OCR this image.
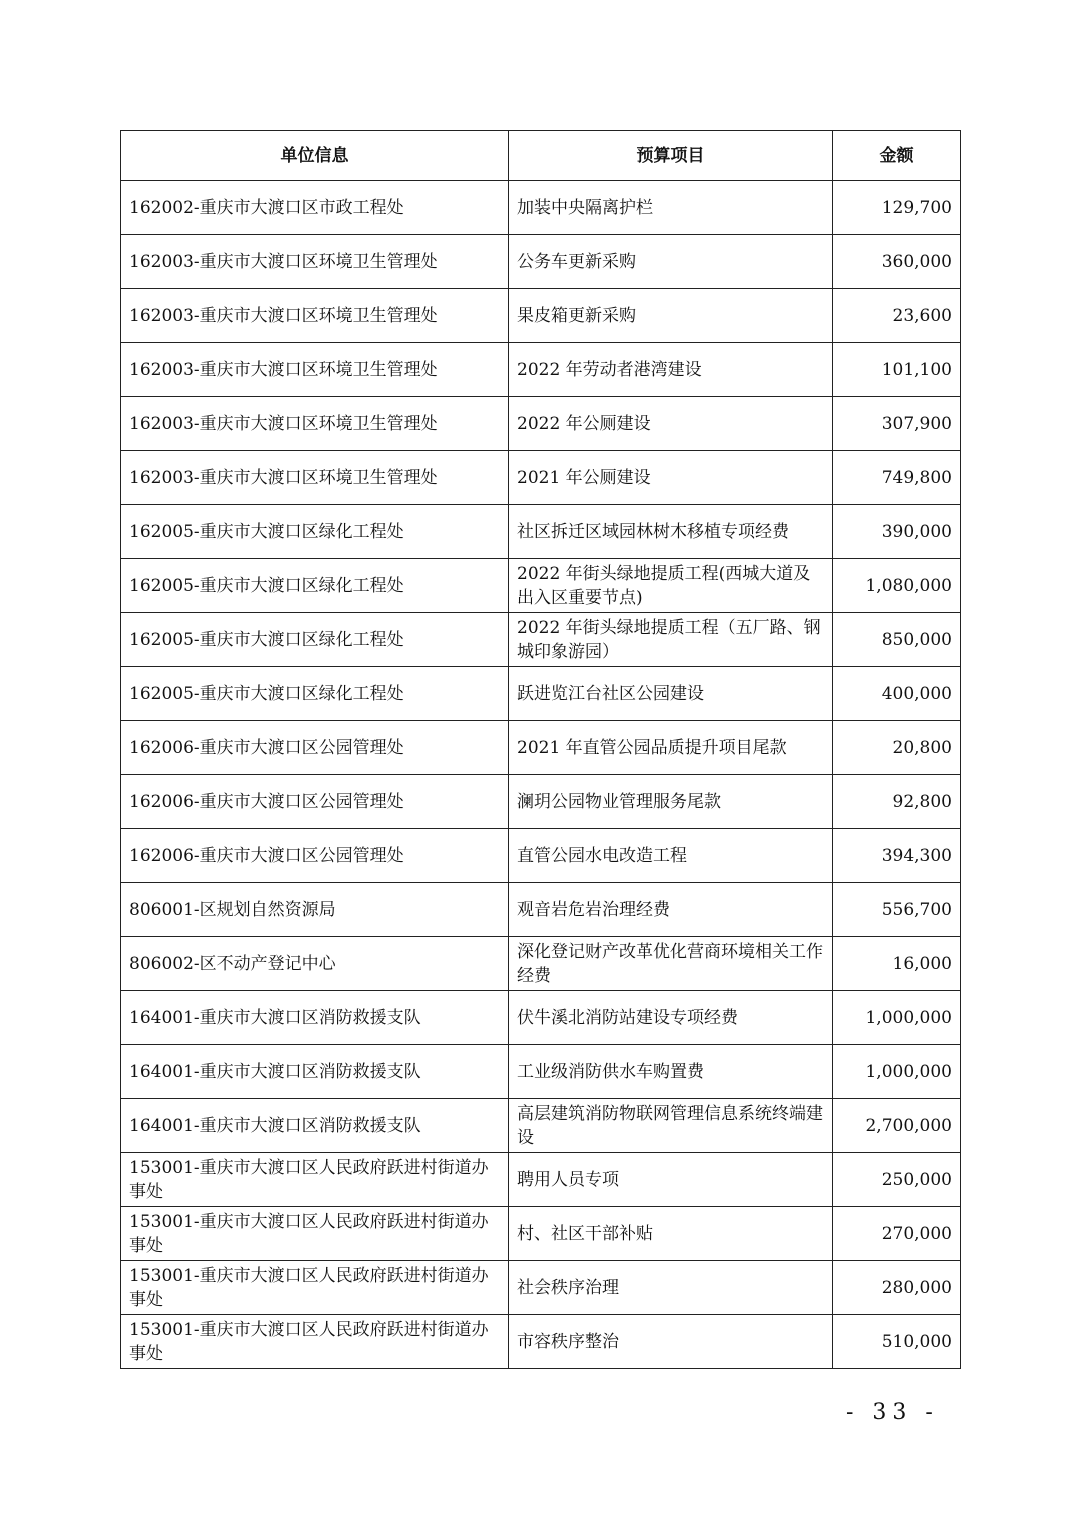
单位信息	预算项目	金额
162002-重庆市大渡口区市政工程处	加装中央隔离护栏	129,700
162003-重庆市大渡口区环境卫生管理处	公务车更新采购	360,000
162003-重庆市大渡口区环境卫生管理处	果皮箱更新采购	23,600
162003-重庆市大渡口区环境卫生管理处	2022 年劳动者港湾建设	101,100
162003-重庆市大渡口区环境卫生管理处	2022 年公厕建设	307,900
162003-重庆市大渡口区环境卫生管理处	2021 年公厕建设	749,800
162005-重庆市大渡口区绿化工程处	社区拆迁区域园林树木移植专项经费	390,000
162005-重庆市大渡口区绿化工程处	2022 年街头绿地提质工程(西城大道及出入区重要节点)	1,080,000
162005-重庆市大渡口区绿化工程处	2022 年街头绿地提质工程（五厂路、钢城印象游园）	850,000
162005-重庆市大渡口区绿化工程处	跃进览江台社区公园建设	400,000
162006-重庆市大渡口区公园管理处	2021 年直管公园品质提升项目尾款	20,800
162006-重庆市大渡口区公园管理处	澜玥公园物业管理服务尾款	92,800
162006-重庆市大渡口区公园管理处	直管公园水电改造工程	394,300
806001-区规划自然资源局	观音岩危岩治理经费	556,700
806002-区不动产登记中心	深化登记财产改革优化营商环境相关工作经费	16,000
164001-重庆市大渡口区消防救援支队	伏牛溪北消防站建设专项经费	1,000,000
164001-重庆市大渡口区消防救援支队	工业级消防供水车购置费	1,000,000
164001-重庆市大渡口区消防救援支队	高层建筑消防物联网管理信息系统终端建设	2,700,000
153001-重庆市大渡口区人民政府跃进村街道办事处	聘用人员专项	250,000
153001-重庆市大渡口区人民政府跃进村街道办事处	村、社区干部补贴	270,000
153001-重庆市大渡口区人民政府跃进村街道办事处	社会秩序治理	280,000
153001-重庆市大渡口区人民政府跃进村街道办事处	市容秩序整治	510,000
- 33 -
